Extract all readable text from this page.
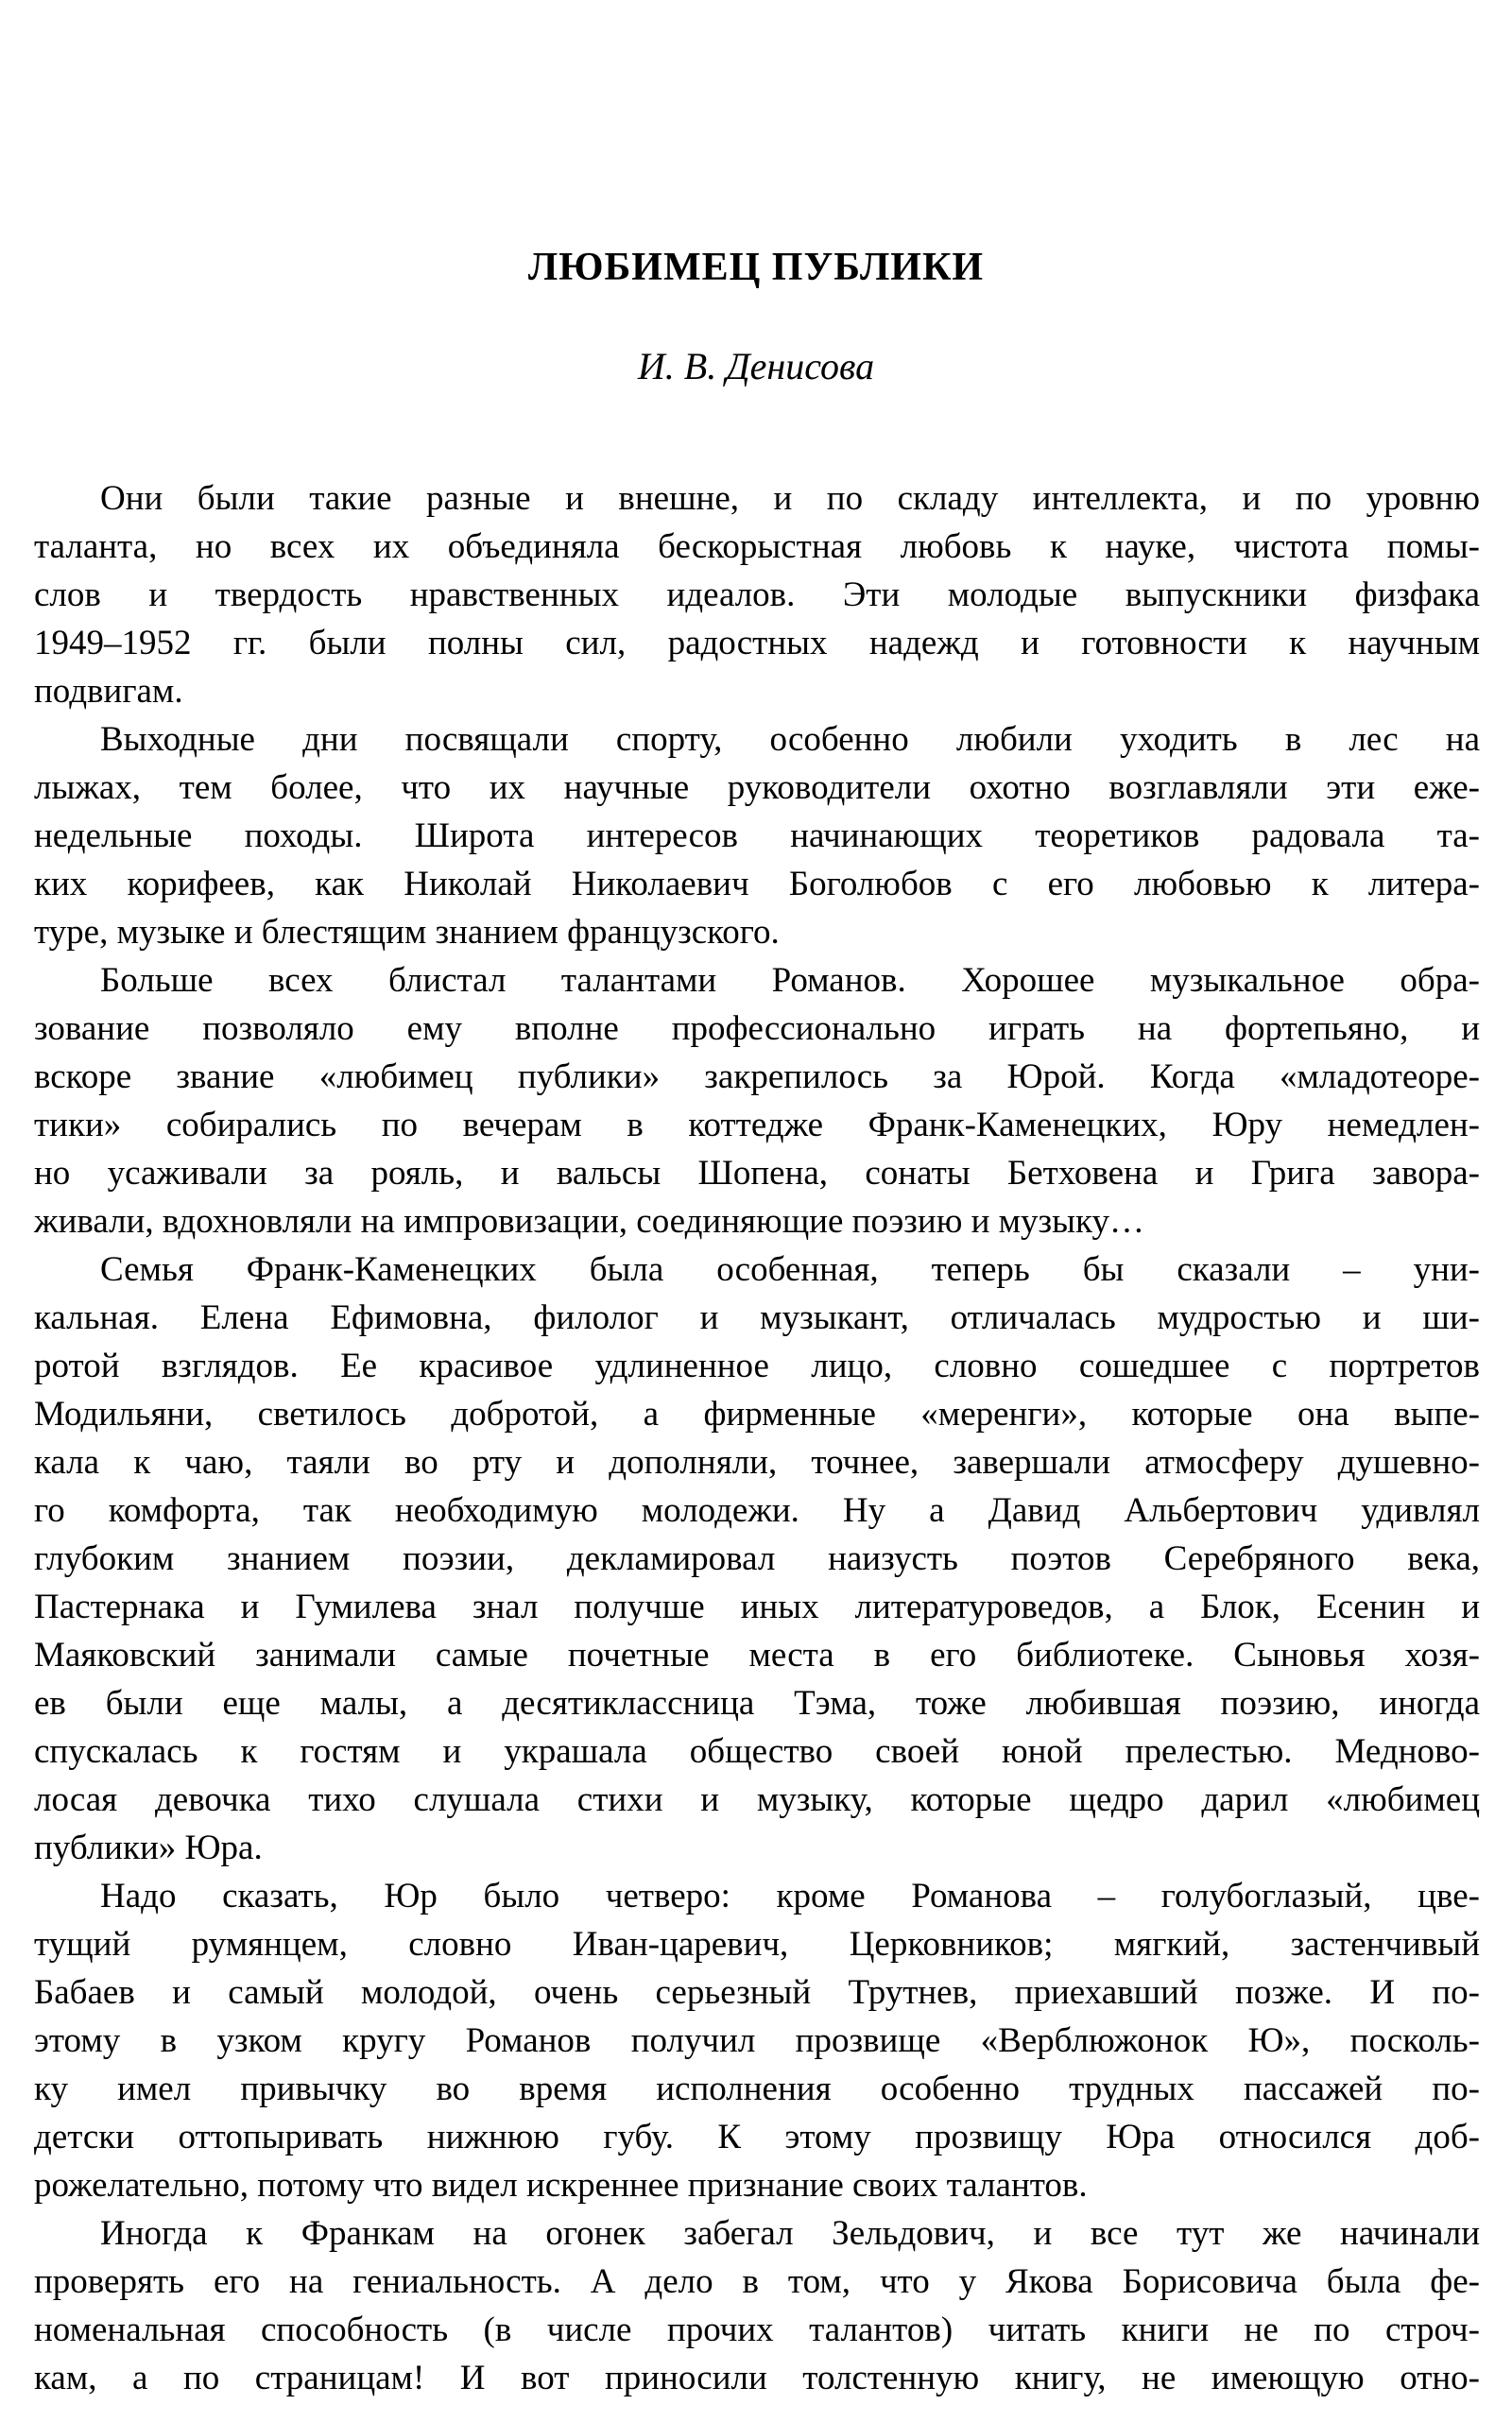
ЛЮБИМЕЦ ПУБЛИКИ
И. В. Денисова
Они были такие разные и внешне, и по складу интеллекта, и по уровню
таланта, но всех их объединяла бескорыстная любовь к науке, чистота помы-
слов и твердость нравственных идеалов. Эти молодые выпускники физфака
1949–1952 гг. были полны сил, радостных надежд и готовности к научным
подвигам.
Выходные дни посвящали спорту, особенно любили уходить в лес на
лыжах, тем более, что их научные руководители охотно возглавляли эти еже-
недельные походы. Широта интересов начинающих теоретиков радовала та-
ких корифеев, как Николай Николаевич Боголюбов с его любовью к литера-
туре, музыке и блестящим знанием французского.
Больше всех блистал талантами Романов. Хорошее музыкальное обра-
зование позволяло ему вполне профессионально играть на фортепьяно, и
вскоре звание «любимец публики» закрепилось за Юрой. Когда «младотеоре-
тики» собирались по вечерам в коттедже Франк-Каменецких, Юру немедлен-
но усаживали за рояль, и вальсы Шопена, сонаты Бетховена и Грига завора-
живали, вдохновляли на импровизации, соединяющие поэзию и музыку…
Семья Франк-Каменецких была особенная, теперь бы сказали – уни-
кальная. Елена Ефимовна, филолог и музыкант, отличалась мудростью и ши-
ротой взглядов. Ее красивое удлиненное лицо, словно сошедшее с портретов
Модильяни, светилось добротой, а фирменные «меренги», которые она выпе-
кала к чаю, таяли во рту и дополняли, точнее, завершали атмосферу душевно-
го комфорта, так необходимую молодежи. Ну а Давид Альбертович удивлял
глубоким знанием поэзии, декламировал наизусть поэтов Серебряного века,
Пастернака и Гумилева знал получше иных литературоведов, а Блок, Есенин и
Маяковский занимали самые почетные места в его библиотеке. Сыновья хозя-
ев были еще малы, а десятиклассница Тэма, тоже любившая поэзию, иногда
спускалась к гостям и украшала общество своей юной прелестью. Медново-
лосая девочка тихо слушала стихи и музыку, которые щедро дарил «любимец
публики» Юра.
Надо сказать, Юр было четверо: кроме Романова – голубоглазый, цве-
тущий румянцем, словно Иван-царевич, Церковников; мягкий, застенчивый
Бабаев и самый молодой, очень серьезный Трутнев, приехавший позже. И по-
этому в узком кругу Романов получил прозвище «Верблюжонок Ю», посколь-
ку имел привычку во время исполнения особенно трудных пассажей по-
детски оттопыривать нижнюю губу. К этому прозвищу Юра относился доб-
рожелательно, потому что видел искреннее признание своих талантов.
Иногда к Франкам на огонек забегал Зельдович, и все тут же начинали
проверять его на гениальность. А дело в том, что у Якова Борисовича была фе-
номенальная способность (в числе прочих талантов) читать книги не по строч-
кам, а по страницам! И вот приносили толстенную книгу, не имеющую отно-
